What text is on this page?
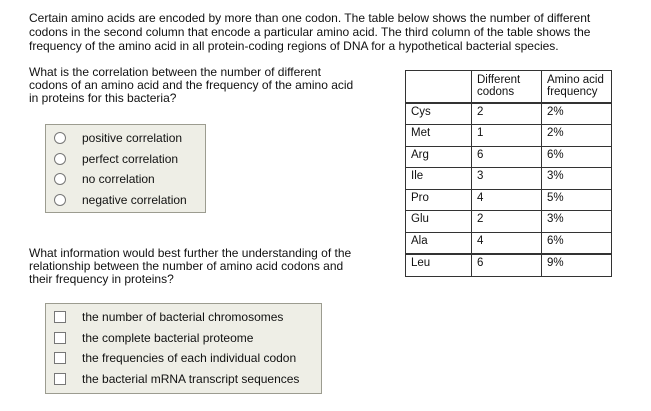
Certain amino acids are encoded by more than one codon. The table below shows the number of different codons in the second column that encode a particular amino acid. The third column of the table shows the frequency of the amino acid in all protein-coding regions of DNA for a hypothetical bacterial species.

What is the correlation between the number of different codons of an amino acid and the frequency of the amino acid in proteins for this bacteria?

positive correlation
perfect correlation
no correlation
negative correlation

What information would best further the understanding of the relationship between the number of amino acid codons and their frequency in proteins?

the number of bacterial chromosomes
the complete bacterial proteome
the frequencies of each individual codon
the bacterial mRNA transcript sequences
	Different codons	Amino acid frequency
Cys	2	2%
Met	1	2%
Arg	6	6%
Ile	3	3%
Pro	4	5%
Glu	2	3%
Ala	4	6%
Leu	6	9%
